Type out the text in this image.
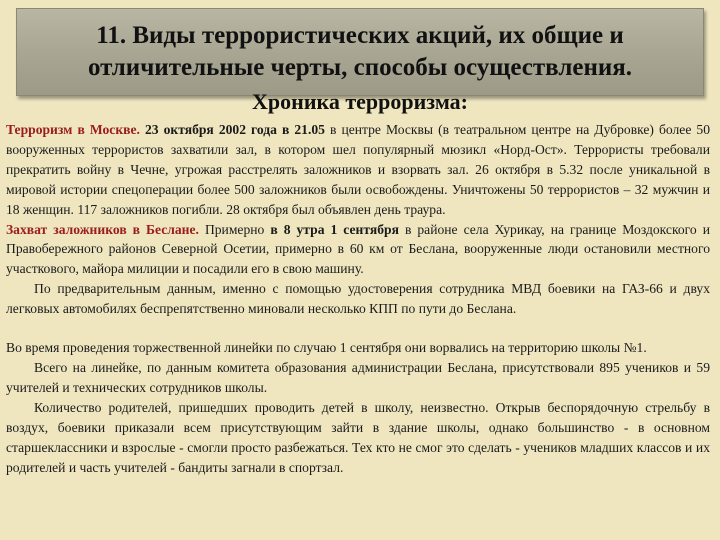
11. Виды террористических акций, их общие и
отличительные черты, способы осуществления.
Хроника терроризма:

Терроризм в Москве. 23 октября 2002 года в 21.05 в центре Москвы (в театральном центре на Дубровке) более 50 вооруженных террористов захватили зал, в котором шел популярный мюзикл «Норд-Ост». Террористы требовали прекратить войну в Чечне, угрожая расстрелять заложников и взорвать зал. 26 октября в 5.32 после уникальной в мировой истории спецоперации более 500 заложников были освобождены. Уничтожены 50 террористов – 32 мужчин и 18 женщин. 117 заложников погибли. 28 октября был объявлен день траура.

Захват заложников в Беслане. Примерно в 8 утра 1 сентября в районе села Хурикау, на границе Моздокского и Правобережного районов Северной Осетии, примерно в 60 км от Беслана, вооруженные люди остановили местного участкового, майора милиции и посадили его в свою машину.

По предварительным данным, именно с помощью удостоверения сотрудника МВД боевики на ГАЗ-66 и двух легковых автомобилях беспрепятственно миновали несколько КПП по пути до Беслана.

Во время проведения торжественной линейки по случаю 1 сентября они ворвались на территорию школы №1.

Всего на линейке, по данным комитета образования администрации Беслана, присутствовали 895 учеников и 59 учителей и технических сотрудников школы.

Количество родителей, пришедших проводить детей в школу, неизвестно. Открыв беспорядочную стрельбу в воздух, боевики приказали всем присутствующим зайти в здание школы, однако большинство - в основном старшеклассники и взрослые - смогли просто разбежаться. Тех кто не смог это сделать - учеников младших классов и их родителей и часть учителей - бандиты загнали в спортзал.
